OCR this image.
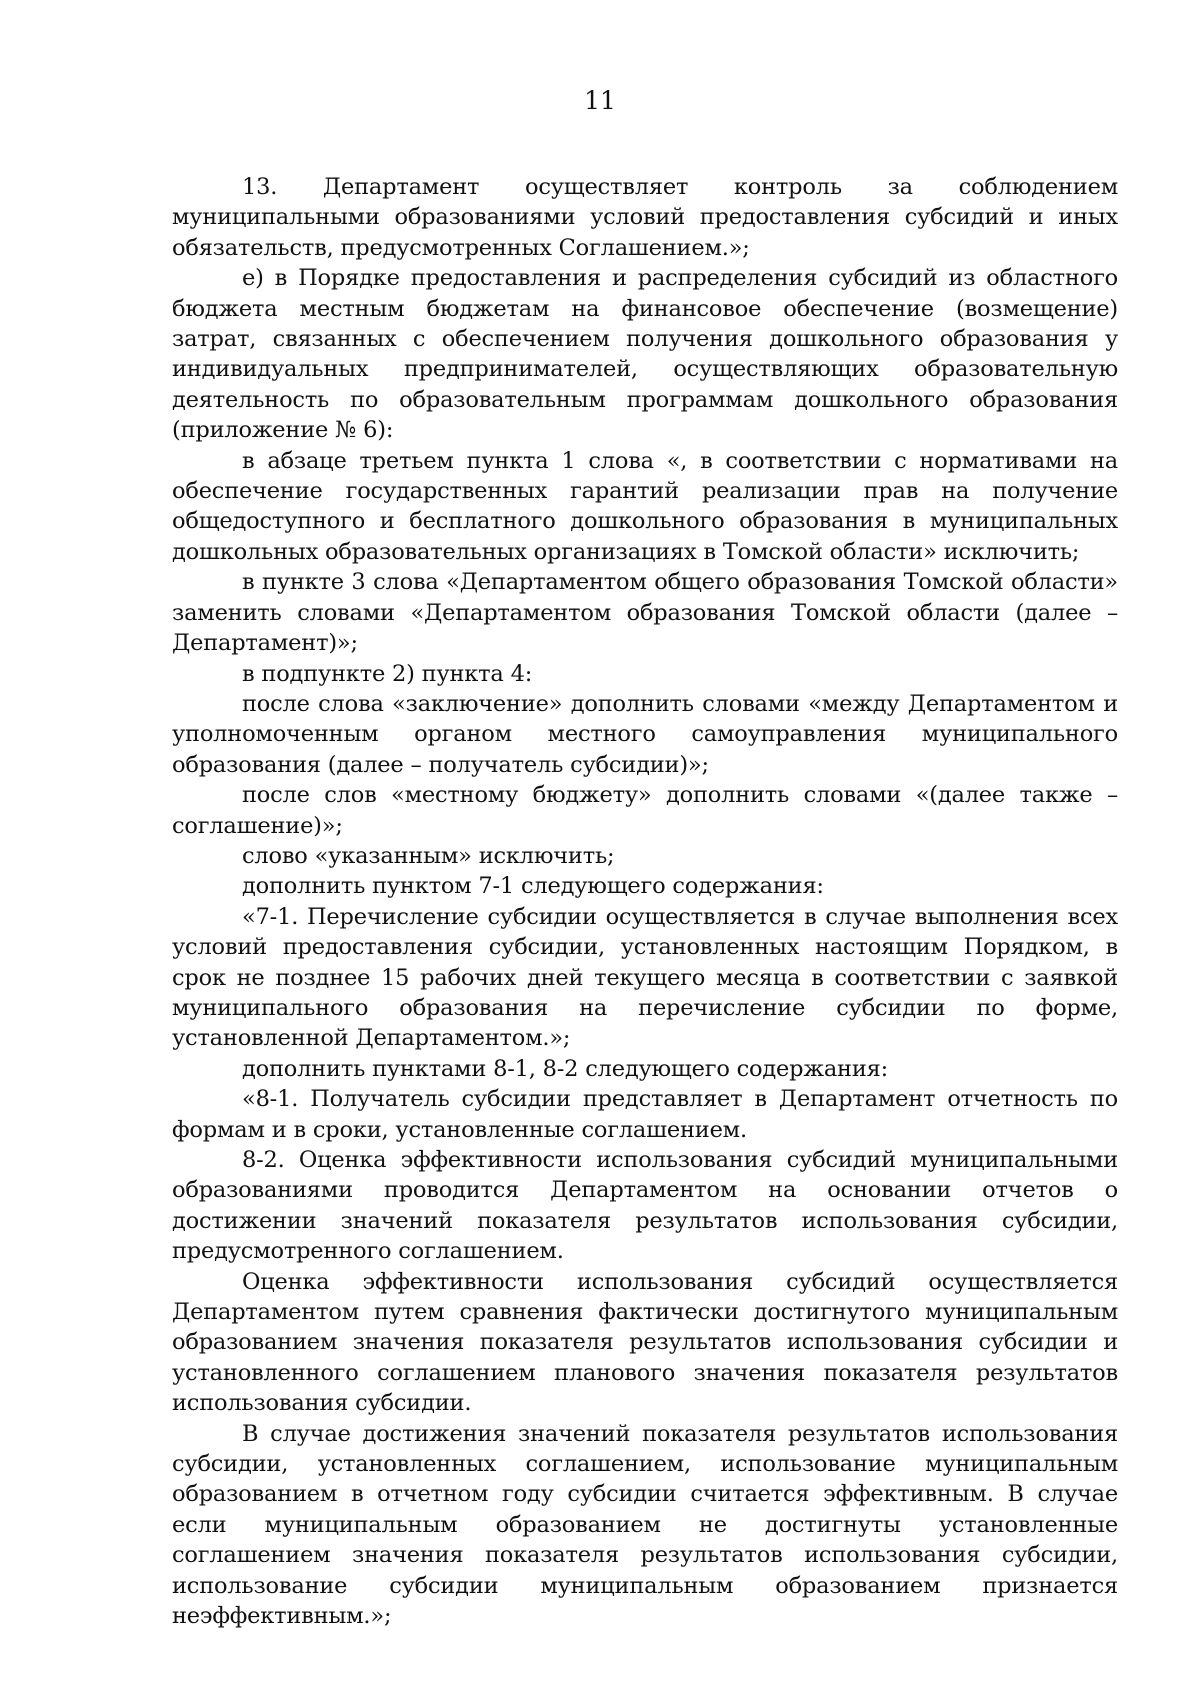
11

13. Департамент осуществляет контроль за соблюдением муниципальными образованиями условий предоставления субсидий и иных обязательств, предусмотренных Соглашением.»;

е) в Порядке предоставления и распределения субсидий из областного бюджета местным бюджетам на финансовое обеспечение (возмещение) затрат, связанных с обеспечением получения дошкольного образования у индивидуальных предпринимателей, осуществляющих образовательную деятельность по образовательным программам дошкольного образования (приложение № 6):

в абзаце третьем пункта 1 слова «, в соответствии с нормативами на обеспечение государственных гарантий реализации прав на получение общедоступного и бесплатного дошкольного образования в муниципальных дошкольных образовательных организациях в Томской области» исключить;

в пункте 3 слова «Департаментом общего образования Томской области» заменить словами «Департаментом образования Томской области (далее – Департамент)»;

в подпункте 2) пункта 4:

после слова «заключение» дополнить словами «между Департаментом и уполномоченным органом местного самоуправления муниципального образования (далее – получатель субсидии)»;

после слов «местному бюджету» дополнить словами «(далее также – соглашение)»;

слово «указанным» исключить;

дополнить пунктом 7-1 следующего содержания:

«7-1. Перечисление субсидии осуществляется в случае выполнения всех условий предоставления субсидии, установленных настоящим Порядком, в срок не позднее 15 рабочих дней текущего месяца в соответствии с заявкой муниципального образования на перечисление субсидии по форме, установленной Департаментом.»;

дополнить пунктами 8-1, 8-2 следующего содержания:

«8-1. Получатель субсидии представляет в Департамент отчетность по формам и в сроки, установленные соглашением.

8-2. Оценка эффективности использования субсидий муниципальными образованиями проводится Департаментом на основании отчетов о достижении значений показателя результатов использования субсидии, предусмотренного соглашением.

Оценка эффективности использования субсидий осуществляется Департаментом путем сравнения фактически достигнутого муниципальным образованием значения показателя результатов использования субсидии и установленного соглашением планового значения показателя результатов использования субсидии.

В случае достижения значений показателя результатов использования субсидии, установленных соглашением, использование муниципальным образованием в отчетном году субсидии считается эффективным. В случае если муниципальным образованием не достигнуты установленные соглашением значения показателя результатов использования субсидии, использование субсидии муниципальным образованием признается неэффективным.»;
